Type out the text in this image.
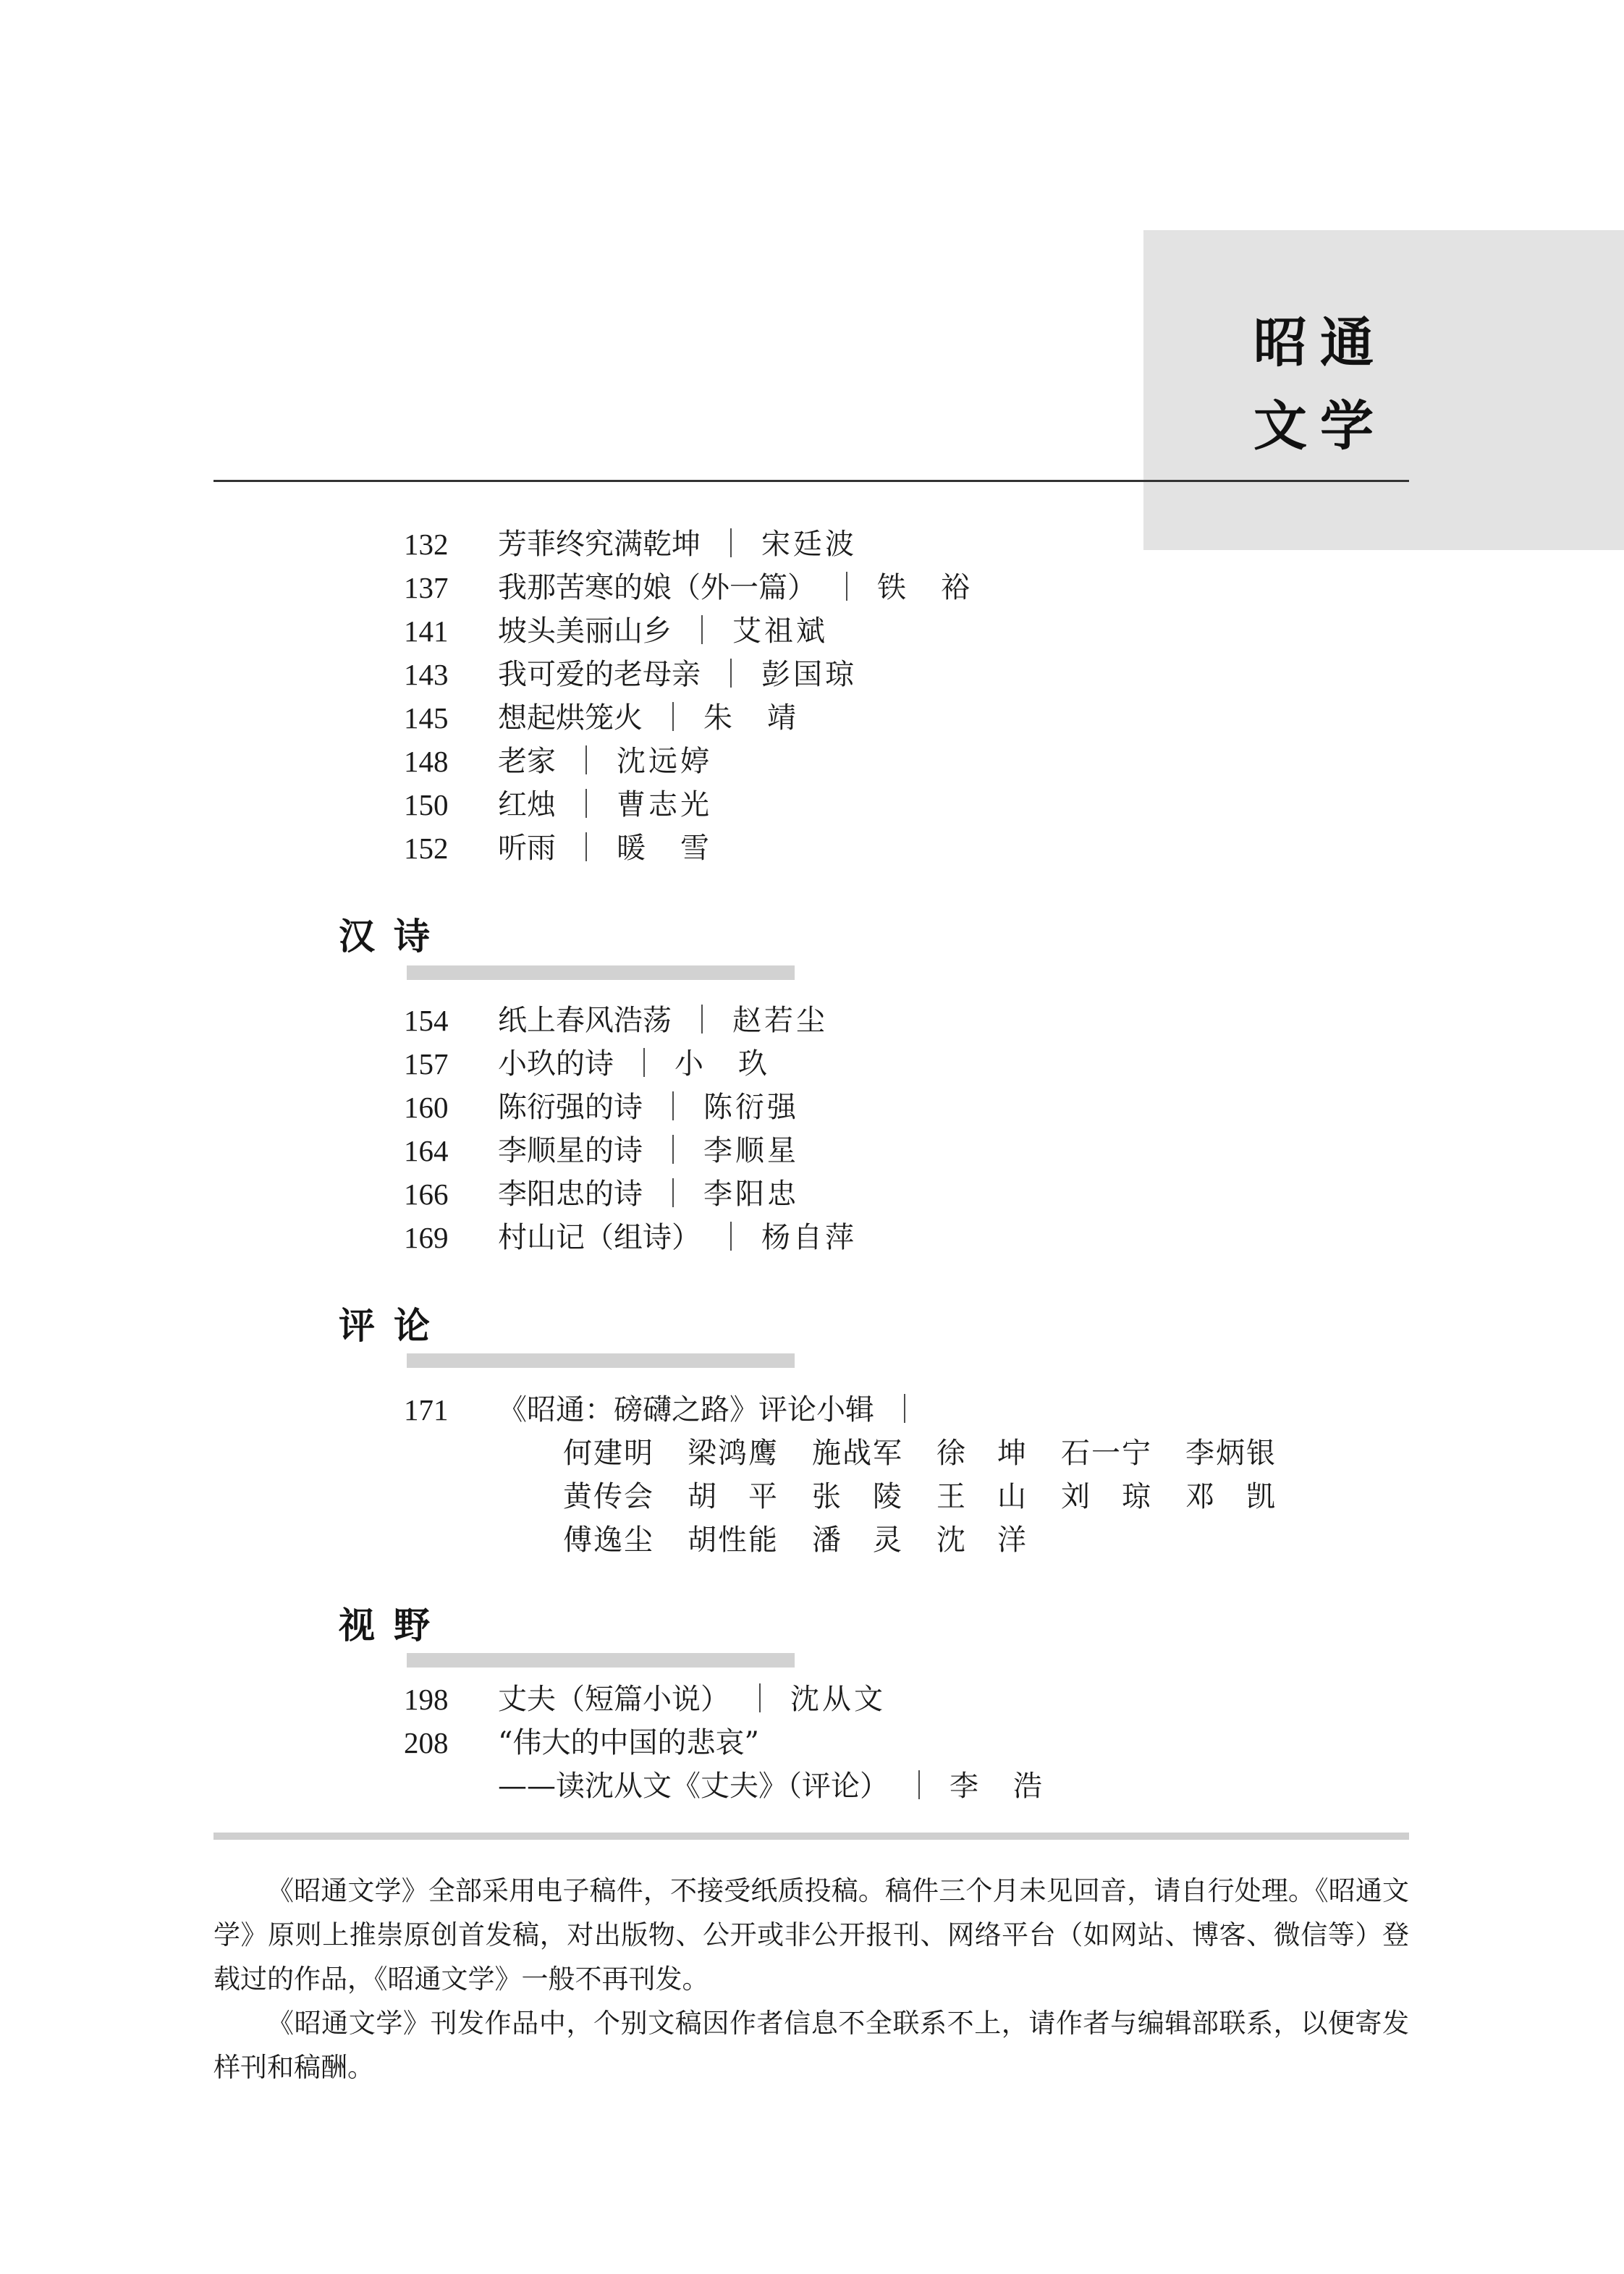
昭通
文学
132 芳菲终究满乾坤 ｜ 宋廷波
137 我那苦寒的娘（外一篇） ｜ 铁　裕
141 坡头美丽山乡 ｜ 艾祖斌
143 我可爱的老母亲 ｜ 彭国琼
145 想起烘笼火 ｜ 朱　靖
148 老家 ｜ 沈远婷
150 红烛 ｜ 曹志光
152 听雨 ｜ 暖　雪
汉诗
154 纸上春风浩荡 ｜ 赵若尘
157 小玖的诗 ｜ 小　玖
160 陈衍强的诗 ｜ 陈衍强
164 李顺星的诗 ｜ 李顺星
166 李阳忠的诗 ｜ 李阳忠
169 村山记（组诗） ｜ 杨自萍
评论
171 《昭通：磅礴之路》评论小辑 ｜
何建明 梁鸿鹰 施战军 徐　坤 石一宁 李炳银
黄传会 胡　平 张　陵 王　山 刘　琼 邓　凯
傅逸尘 胡性能 潘　灵 沈　洋
视野
198 丈夫（短篇小说） ｜ 沈从文
208 “伟大的中国的悲哀”
——读沈从文《丈夫》（评论） ｜ 李　浩

《昭通文学》全部采用电子稿件，不接受纸质投稿。稿件三个月未见回音，请自行处理。《昭通文学》原则上推崇原创首发稿，对出版物、公开或非公开报刊、网络平台（如网站、博客、微信等）登载过的作品，《昭通文学》一般不再刊发。

《昭通文学》刊发作品中，个别文稿因作者信息不全联系不上，请作者与编辑部联系，以便寄发样刊和稿酬。
